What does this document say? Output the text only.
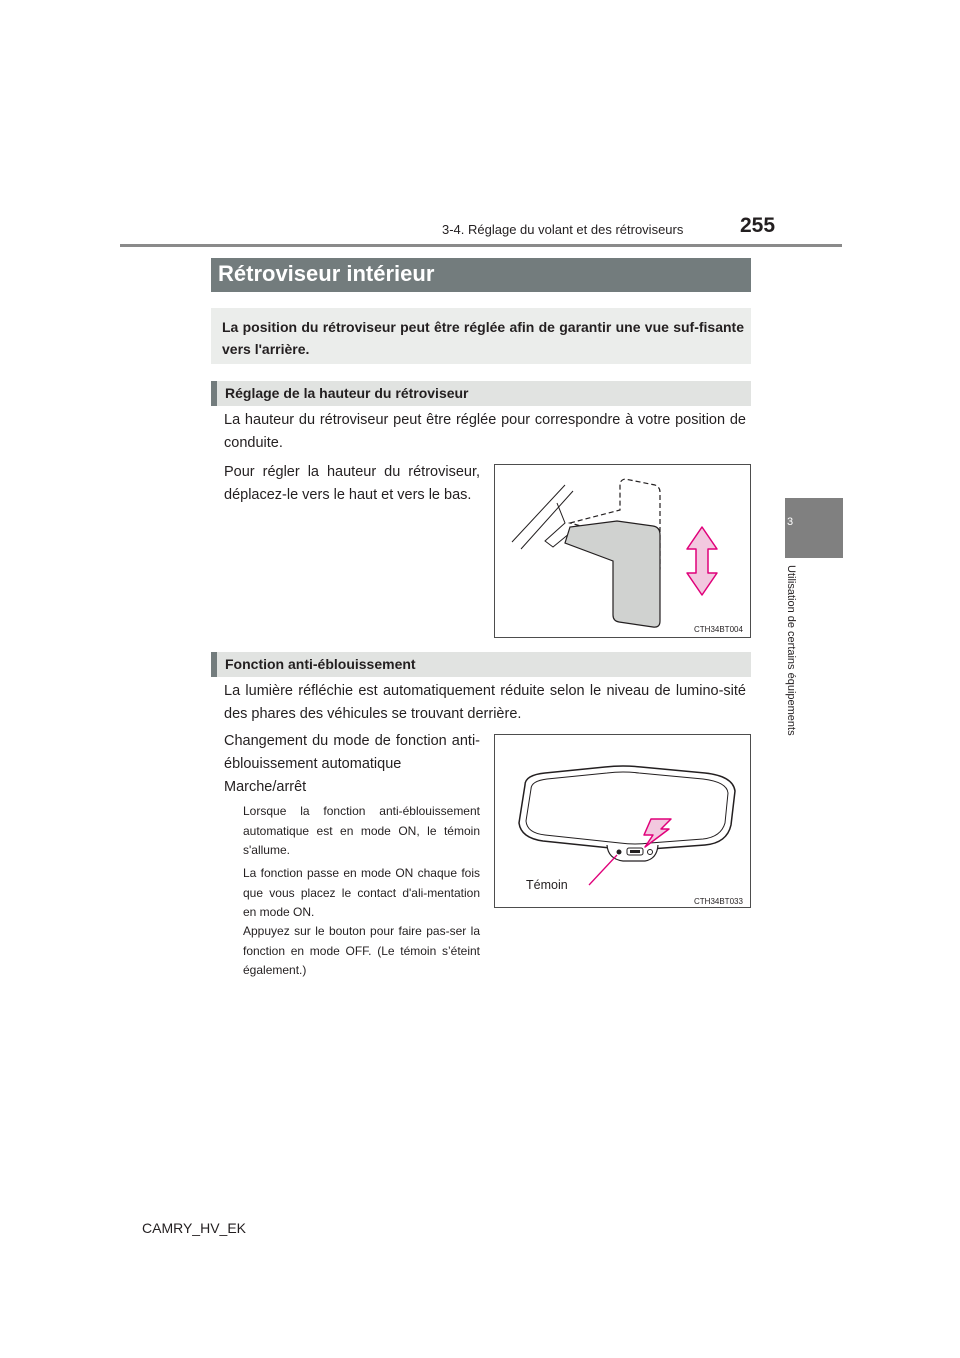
3-4. Réglage du volant et des rétroviseurs	255
3
Utilisation de certains équipements
Rétroviseur intérieur
La position du rétroviseur peut être réglée afin de garantir une vue suf-fisante vers l'arrière.
Réglage de la hauteur du rétroviseur
La hauteur du rétroviseur peut être réglée pour correspondre à votre position de conduite.
Pour régler la hauteur du rétroviseur, déplacez-le vers le haut et vers le bas.
CTH34BT004
Fonction anti-éblouissement
La lumière réfléchie est automatiquement réduite selon le niveau de lumino-sité des phares des véhicules se trouvant derrière.
Changement du mode de fonction anti-éblouissement automatique
Marche/arrêt
Lorsque la fonction anti-éblouissement automatique est en mode ON, le témoin s'allume.
La fonction passe en mode ON chaque fois que vous placez le contact d'ali-mentation en mode ON.
Appuyez sur le bouton pour faire pas-ser la fonction en mode OFF. (Le témoin s’éteint également.)
Témoin
CTH34BT033
CAMRY_HV_EK
